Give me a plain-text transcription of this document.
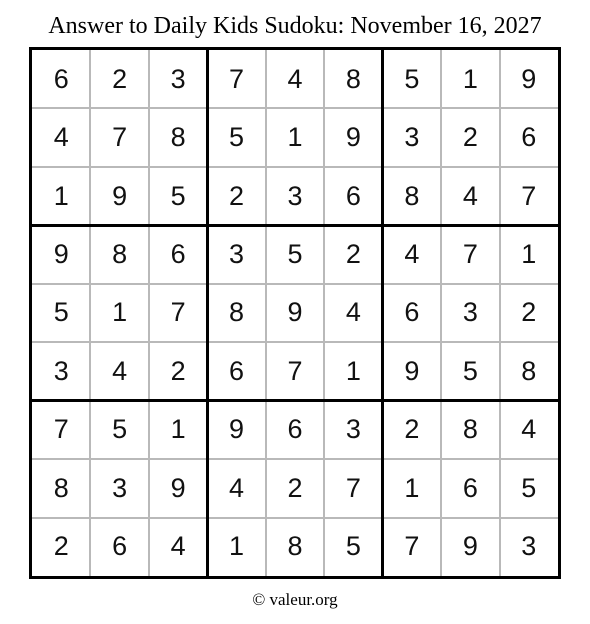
Answer to Daily Kids Sudoku: November 16, 2027
6	2	3	7	4	8	5	1	9
4	7	8	5	1	9	3	2	6
1	9	5	2	3	6	8	4	7
9	8	6	3	5	2	4	7	1
5	1	7	8	9	4	6	3	2
3	4	2	6	7	1	9	5	8
7	5	1	9	6	3	2	8	4
8	3	9	4	2	7	1	6	5
2	6	4	1	8	5	7	9	3
© valeur.org
